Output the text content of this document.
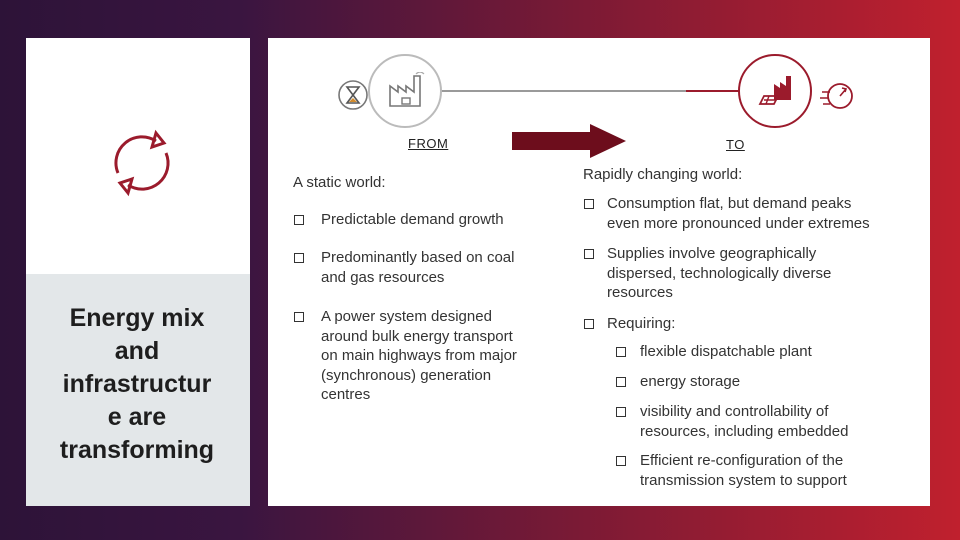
Energy mix
and
infrastructur
e are
transforming
FROM	TO
A static world:
Predictable demand growth
Predominantly based on coal
and gas resources
A power system designed
around bulk energy transport
on main highways from major
(synchronous) generation
centres
Rapidly changing world:
Consumption flat, but demand peaks
even more pronounced under extremes
Supplies involve geographically
dispersed, technologically diverse
resources
Requiring:
flexible dispatchable plant
energy storage
visibility and controllability of
resources, including embedded
Efficient re-configuration of the
transmission system to support
